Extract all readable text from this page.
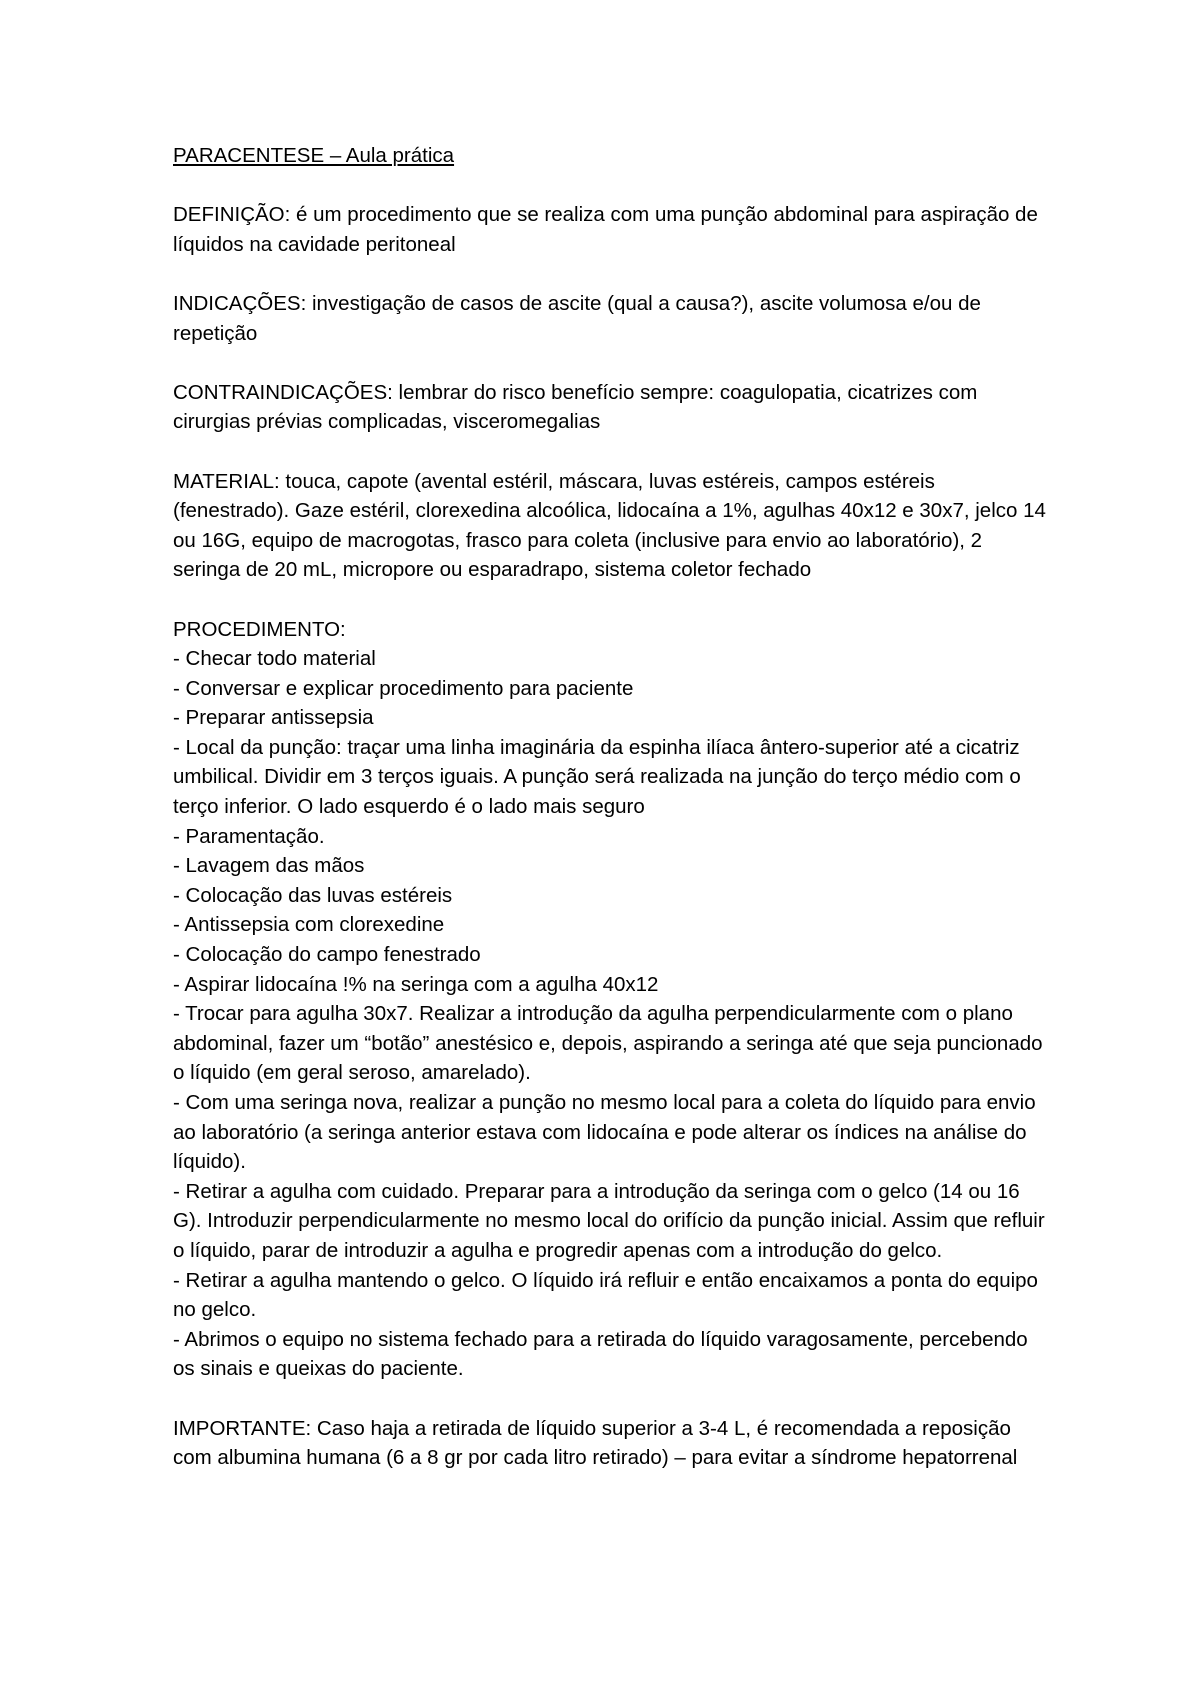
PARACENTESE – Aula prática
DEFINIÇÃO: é um procedimento que se realiza com uma punção abdominal para aspiração de líquidos na cavidade peritoneal
INDICAÇÕES: investigação de casos de ascite (qual a causa?), ascite volumosa e/ou de repetição
CONTRAINDICAÇÕES: lembrar do risco benefício sempre: coagulopatia, cicatrizes com cirurgias prévias complicadas, visceromegalias
MATERIAL: touca, capote (avental estéril, máscara, luvas estéreis, campos estéreis (fenestrado). Gaze estéril, clorexedina alcoólica, lidocaína a 1%, agulhas 40x12 e 30x7, jelco 14 ou 16G, equipo de macrogotas, frasco para coleta (inclusive para envio ao laboratório), 2 seringa de 20 mL, micropore ou esparadrapo, sistema coletor fechado
PROCEDIMENTO:
- Checar todo material
- Conversar e explicar procedimento para paciente
- Preparar antissepsia
- Local da punção: traçar uma linha imaginária da espinha ilíaca ântero-superior até a cicatriz umbilical. Dividir em 3 terços iguais. A punção será realizada na junção do terço médio com o terço inferior. O lado esquerdo é o lado mais seguro
- Paramentação.
- Lavagem das mãos
- Colocação das luvas estéreis
- Antissepsia com clorexedine
- Colocação do campo fenestrado
- Aspirar lidocaína !% na seringa com a agulha 40x12
- Trocar para agulha 30x7. Realizar a introdução da agulha perpendicularmente com o plano abdominal, fazer um “botão” anestésico e, depois, aspirando a seringa até que seja puncionado o líquido (em geral seroso, amarelado).
- Com uma seringa nova, realizar a punção no mesmo local para a coleta do líquido para envio ao laboratório (a seringa anterior estava com lidocaína e pode alterar os índices na análise do líquido).
- Retirar a agulha com cuidado. Preparar para a introdução da seringa com o gelco (14 ou 16 G). Introduzir perpendicularmente no mesmo local do orifício da punção inicial. Assim que refluir o líquido, parar de introduzir a agulha e progredir apenas com a introdução do gelco.
- Retirar a agulha mantendo o gelco. O líquido irá refluir e então encaixamos a ponta do equipo no gelco.
- Abrimos o equipo no sistema fechado para a retirada do líquido varagosamente, percebendo os sinais e queixas do paciente.
IMPORTANTE: Caso haja a retirada de líquido superior a 3-4 L, é recomendada a reposição com albumina humana (6 a 8 gr por cada litro retirado) – para evitar a síndrome hepatorrenal
